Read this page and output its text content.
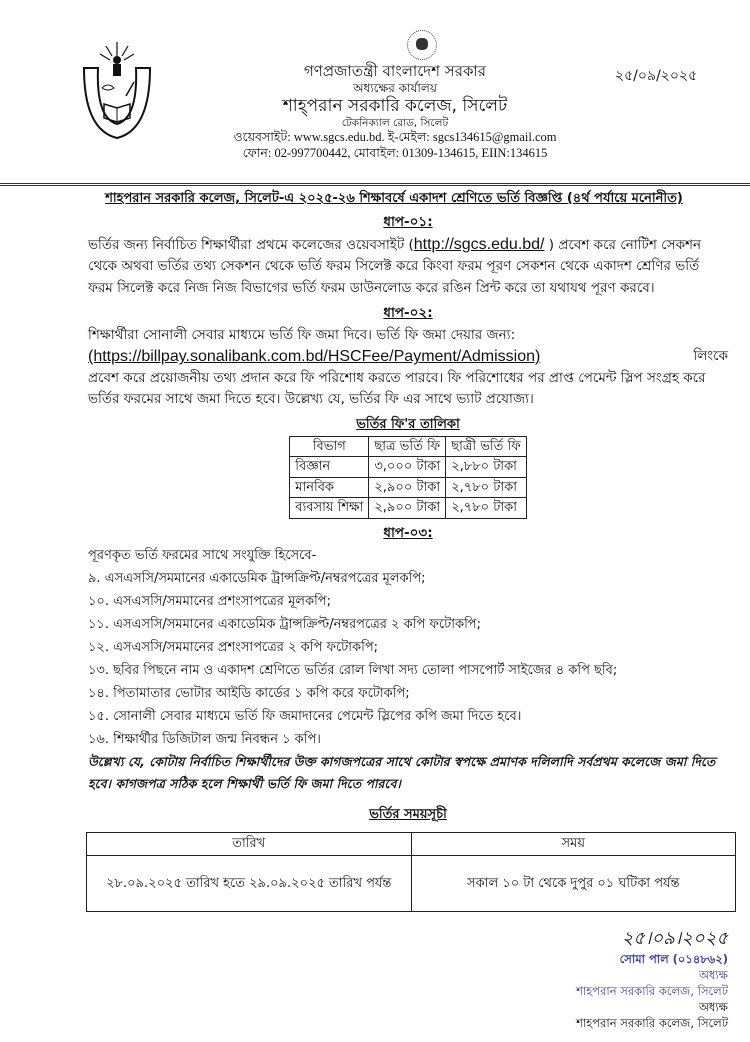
গণপ্রজাতন্ত্রী বাংলাদেশ সরকার
অধ্যক্ষের কার্যালয়
শাহ্পরান সরকারি কলেজ, সিলেট
টেকনিক্যাল রোড, সিলেট
ওয়েবসাইট: www.sgcs.edu.bd. ই-মেইল: sgcs134615@gmail.com
ফোন: 02-997700442, মোবাইল: 01309-134615, EIIN:134615
২৫/০৯/২০২৫
শাহপরান সরকারি কলেজ, সিলেট-এ ২০২৫-২৬ শিক্ষাবর্ষে একাদশ শ্রেণিতে ভর্তি বিজ্ঞপ্তি (৪র্থ পর্যায়ে মনোনীত)
ধাপ-০১:
ভর্তির জন্য নির্বাচিত শিক্ষার্থীরা প্রথমে কলেজের ওয়েবসাইট (http://sgcs.edu.bd/ ) প্রবেশ করে নোটিশ সেকশন থেকে অথবা ভর্তির তথ্য সেকশন থেকে ভর্তি ফরম সিলেক্ট করে কিংবা ফরম পূরণ সেকশন থেকে একাদশ শ্রেণির ভর্তি ফরম সিলেক্ট করে নিজ নিজ বিভাগের ভর্তি ফরম ডাউনলোড করে রঙিন প্রিন্ট করে তা যথাযথ পূরণ করবে।
ধাপ-০২:
শিক্ষার্থীরা সোনালী সেবার মাধ্যমে ভর্তি ফি জমা দিবে। ভর্তি ফি জমা দেয়ার জন্য:
(https://billpay.sonalibank.com.bd/HSCFee/Payment/Admission)	লিংকে
প্রবেশ করে প্রয়োজনীয় তথ্য প্রদান করে ফি পরিশোধ করতে পারবে। ফি পরিশোধের পর প্রাপ্ত পেমেন্ট স্লিপ সংগ্রহ করে ভর্তির ফরমের সাথে জমা দিতে হবে। উল্লেখ্য যে, ভর্তির ফি এর সাথে ভ্যাট প্রযোজ্য।
ভর্তির ফি'র তালিকা
বিভাগ	ছাত্র ভর্তি ফি	ছাত্রী ভর্তি ফি
বিজ্ঞান	৩,০০০ টাকা	২,৮৮০ টাকা
মানবিক	২,৯০০ টাকা	২,৭৮০ টাকা
ব্যবসায় শিক্ষা	২,৯০০ টাকা	২,৭৮০ টাকা
ধাপ-০৩:
পূরণকৃত ভর্তি ফরমের সাথে সংযুক্তি হিসেবে-
৯. এসএসসি/সমমানের একাডেমিক ট্রান্সক্রিপ্ট/নম্বরপত্রের মূলকপি;
১০. এসএসসি/সমমানের প্রশংসাপত্রের মূলকপি;
১১. এসএসসি/সমমানের একাডেমিক ট্রান্সক্রিপ্ট/নম্বরপত্রের ২ কপি ফটোকপি;
১২. এসএসসি/সমমানের প্রশংসাপত্রের ২ কপি ফটোকপি;
১৩. ছবির পিছনে নাম ও একাদশ শ্রেণিতে ভর্তির রোল লিখা সদ্য তোলা পাসপোর্ট সাইজের ৪ কপি ছবি;
১৪. পিতামাতার ভোটার আইডি কার্ডের ১ কপি করে ফটোকপি;
১৫. সোনালী সেবার মাধ্যমে ভর্তি ফি জমাদানের পেমেন্ট স্লিপের কপি জমা দিতে হবে।
১৬. শিক্ষার্থীর ডিজিটাল জন্ম নিবন্ধন ১ কপি।
উল্লেখ্য যে, কোটায় নির্বাচিত শিক্ষার্থীদের উক্ত কাগজপত্রের সাথে কোটার স্বপক্ষে প্রমাণক দলিলাদি সর্বপ্রথম কলেজে জমা দিতে হবে। কাগজপত্র সঠিক হলে শিক্ষার্থী ভর্তি ফি জমা দিতে পারবে।
ভর্তির সময়সূচী
তারিখ	সময়
২৮.০৯.২০২৫ তারিখ হতে ২৯.০৯.২০২৫ তারিখ পর্যন্ত	সকাল ১০ টা থেকে দুপুর ০১ ঘটিকা পর্যন্ত
২৫।০৯।২০২৫
সোমা পাল (০১৪৮৬২)
অধ্যক্ষ
শাহপরান সরকারি কলেজ, সিলেট
অধ্যক্ষ
শাহপরান সরকারি কলেজ, সিলেট
